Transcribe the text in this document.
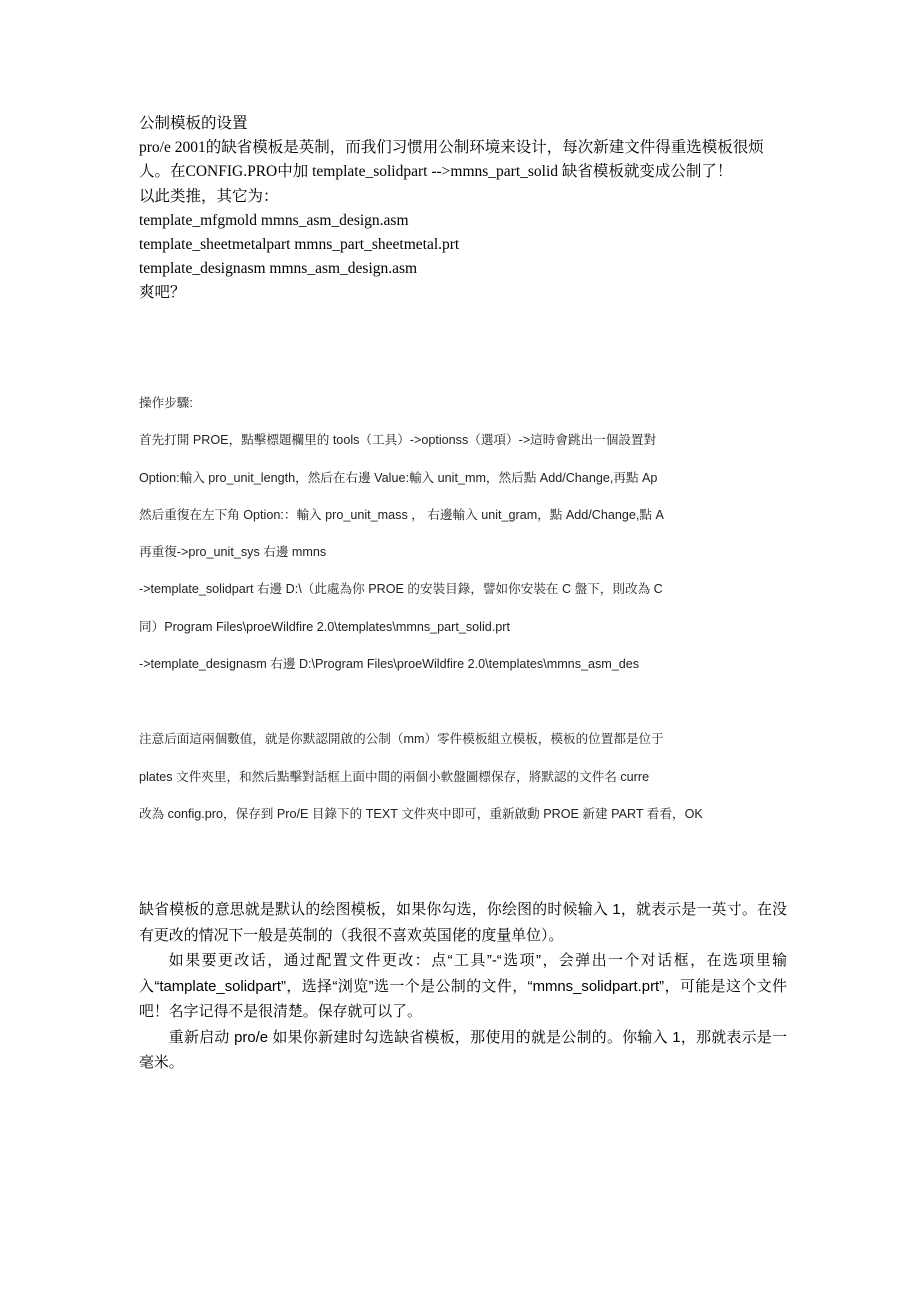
公制模板的设置

pro/e 2001的缺省模板是英制，而我们习惯用公制环境来设计，每次新建文件得重选模板很烦人。在CONFIG.PRO中加 template_solidpart -->mmns_part_solid 缺省模板就变成公制了！

以此类推，其它为：

template_mfgmold mmns_asm_design.asm

template_sheetmetalpart mmns_part_sheetmetal.prt

template_designasm mmns_asm_design.asm

爽吧？

操作步驟:

首先打開 PROE，點擊標題欄里的 tools（工具）->optionss（選項）->這時會跳出一個設置對

Option:輸入 pro_unit_length，然后在右邊 Value:輸入 unit_mm，然后點 Add/Change,再點 Ap

然后重復在左下角 Option:：輸入 pro_unit_mass ， 右邊輸入 unit_gram，點 Add/Change,點 A

再重復->pro_unit_sys 右邊 mmns

->template_solidpart 右邊 D:\（此處為你 PROE 的安裝目錄，譬如你安裝在 C 盤下，則改為 C

同）Program Files\proeWildfire 2.0\templates\mmns_part_solid.prt

->template_designasm 右邊 D:\Program Files\proeWildfire 2.0\templates\mmns_asm_des

注意后面這兩個數值，就是你默認開啟的公制（mm）零件模板組立模板，模板的位置都是位于

plates 文件夾里，和然后點擊對話框上面中間的兩個小軟盤圖標保存，將默認的文件名 curre

改為 config.pro，保存到 Pro/E 目錄下的 TEXT 文件夾中即可，重新啟動 PROE 新建 PART 看看，OK

缺省模板的意思就是默认的绘图模板，如果你勾选，你绘图的时候输入 1，就表示是一英寸。在没有更改的情况下一般是英制的（我很不喜欢英国佬的度量单位）。

如果要更改话，通过配置文件更改：点“工具”-“选项”，会弹出一个对话框，在选项里输入“tamplate_solidpart”，选择“浏览”选一个是公制的文件，“mmns_solidpart.prt”，可能是这个文件吧！名字记得不是很清楚。保存就可以了。

重新启动 pro/e 如果你新建时勾选缺省模板，那使用的就是公制的。你输入 1，那就表示是一毫米。
